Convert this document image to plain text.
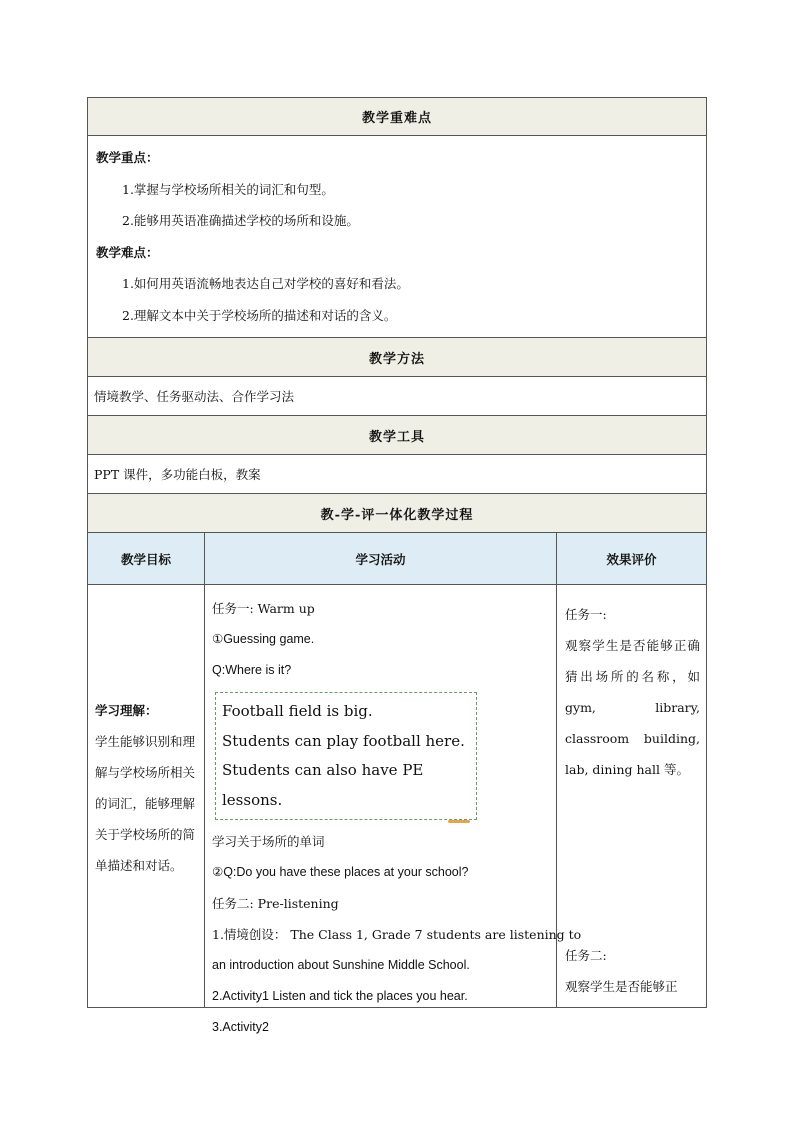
教学重难点
教学重点：
1.掌握与学校场所相关的词汇和句型。
2.能够用英语准确描述学校的场所和设施。
教学难点：
1.如何用英语流畅地表达自己对学校的喜好和看法。
2.理解文本中关于学校场所的描述和对话的含义。
教学方法
情境教学、任务驱动法、合作学习法
教学工具
PPT 课件，多功能白板，教案
教-学-评一体化教学过程
教学目标	学习活动	效果评价
学习理解：
学生能够识别和理解与学校场所相关的词汇，能够理解关于学校场所的简单描述和对话。
任务一: Warm up
①Guessing game.
Q:Where is it?
Football field is big.
Students can play football here.
Students can also have PE lessons.
学习关于场所的单词
②Q:Do you have these places at your school?
任务二: Pre-listening
1.情境创设： The Class 1, Grade 7 students are listening to
an introduction about Sunshine Middle School.
2.Activity1 Listen and tick the places you hear.
3.Activity2
任务一:
观察学生是否能够正确猜出场所的名称，如 gym, library, classroom building, lab, dining hall 等。
任务二:
观察学生是否能够正
